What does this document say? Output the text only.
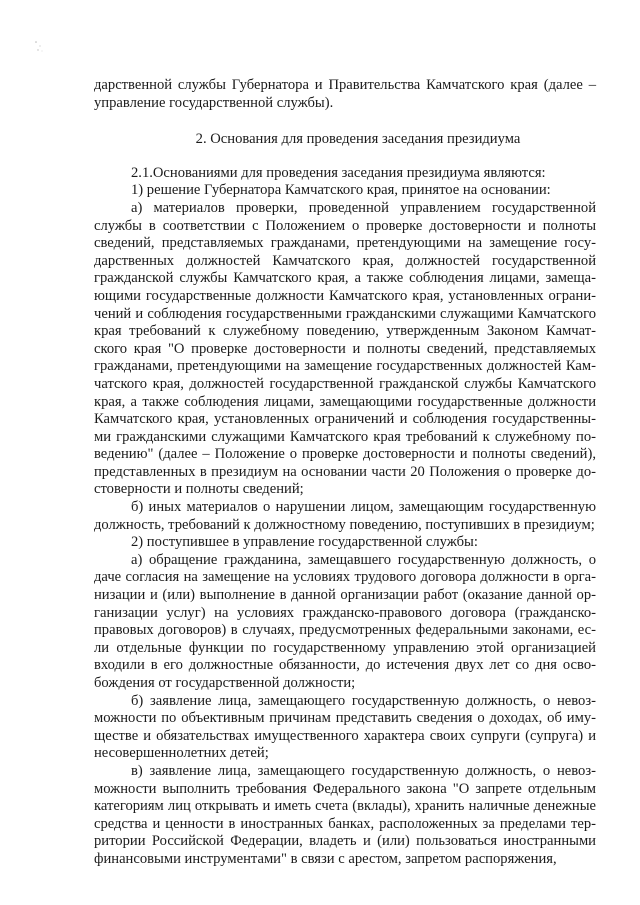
дарственной службы Губернатора и Правительства Камчатского края (далее – управление государственной службы).

2. Основания для проведения заседания президиума

2.1.Основаниями для проведения заседания президиума являются:

1) решение Губернатора Камчатского края, принятое на основании:

а) материалов проверки, проведенной управлением государственной службы в соответствии с Положением о проверке достоверности и полноты сведений, представляемых гражданами, претендующими на замещение государственных должностей Камчатского края, должностей государственной гражданской службы Камчатского края, а также соблюдения лицами, замещающими государственные должности Камчатского края, установленных ограничений и соблюдения государственными гражданскими служащими Камчатского края требований к служебному поведению, утвержденным Законом Камчатского края "О проверке достоверности и полноты сведений, представляемых гражданами, претендующими на замещение государственных должностей Камчатского края, должностей государственной гражданской службы Камчатского края, а также соблюдения лицами, замещающими государственные должности Камчатского края, установленных ограничений и соблюдения государственными гражданскими служащими Камчатского края требований к служебному поведению" (далее – Положение о проверке достоверности и полноты сведений), представленных в президиум на основании части 20 Положения о проверке достоверности и полноты сведений;

б) иных материалов о нарушении лицом, замещающим государственную должность, требований к должностному поведению, поступивших в президиум;

2) поступившее в управление государственной службы:

а) обращение гражданина, замещавшего государственную должность, о даче согласия на замещение на условиях трудового договора должности в организации и (или) выполнение в данной организации работ (оказание данной организации услуг) на условиях гражданско-правового договора (гражданско-правовых договоров) в случаях, предусмотренных федеральными законами, если отдельные функции по государственному управлению этой организацией входили в его должностные обязанности, до истечения двух лет со дня освобождения от государственной должности;

б) заявление лица, замещающего государственную должность, о невозможности по объективным причинам представить сведения о доходах, об имуществе и обязательствах имущественного характера своих супруги (супруга) и несовершеннолетних детей;

в) заявление лица, замещающего государственную должность, о невозможности выполнить требования Федерального закона "О запрете отдельным категориям лиц открывать и иметь счета (вклады), хранить наличные денежные средства и ценности в иностранных банках, расположенных за пределами территории Российской Федерации, владеть и (или) пользоваться иностранными финансовыми инструментами" в связи с арестом, запретом распоряжения,
